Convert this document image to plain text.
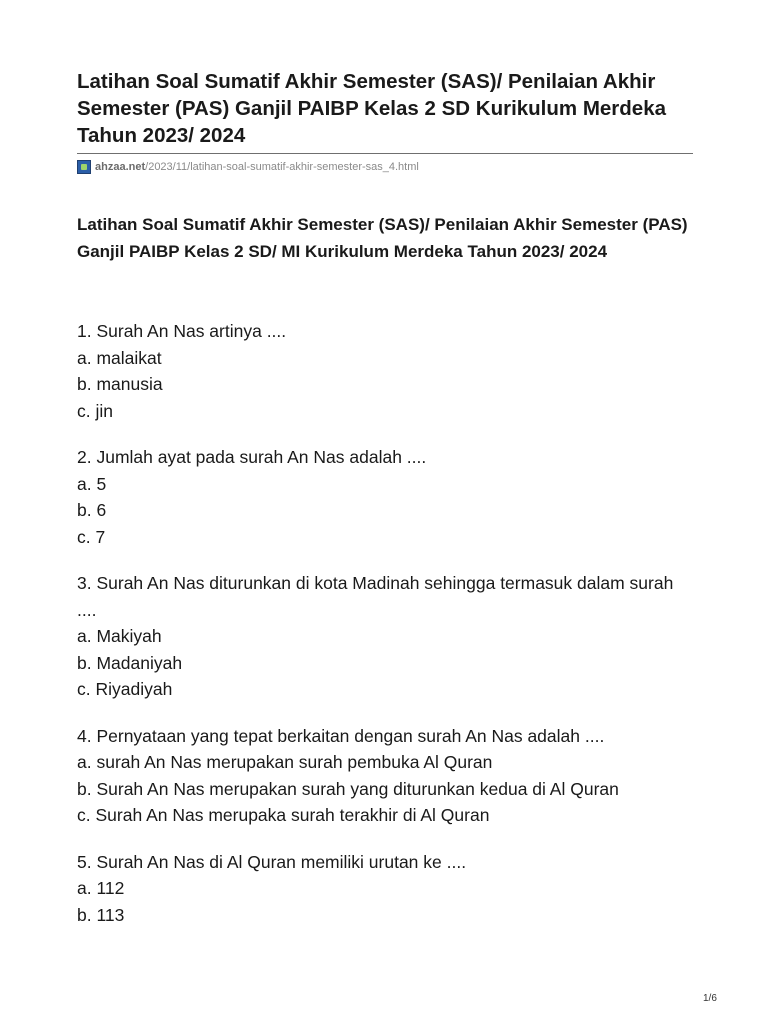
Latihan Soal Sumatif Akhir Semester (SAS)/ Penilaian Akhir Semester (PAS) Ganjil PAIBP Kelas 2 SD Kurikulum Merdeka Tahun 2023/ 2024
ahzaa.net /2023/11/latihan-soal-sumatif-akhir-semester-sas_4.html
Latihan Soal Sumatif Akhir Semester (SAS)/ Penilaian Akhir Semester (PAS) Ganjil PAIBP Kelas 2 SD/ MI Kurikulum Merdeka Tahun 2023/ 2024
1. Surah An Nas artinya ....
a. malaikat
b. manusia
c. jin
2. Jumlah ayat pada surah An Nas adalah ....
a. 5
b. 6
c. 7
3. Surah An Nas diturunkan di kota Madinah sehingga termasuk dalam surah ....
a. Makiyah
b. Madaniyah
c. Riyadiyah
4. Pernyataan yang tepat berkaitan dengan surah An Nas adalah ....
a. surah An Nas merupakan surah pembuka Al Quran
b. Surah An Nas merupakan surah yang diturunkan kedua di Al Quran
c. Surah An Nas merupaka surah terakhir di Al Quran
5. Surah An Nas di Al Quran memiliki urutan ke ....
a. 112
b. 113
1/6
